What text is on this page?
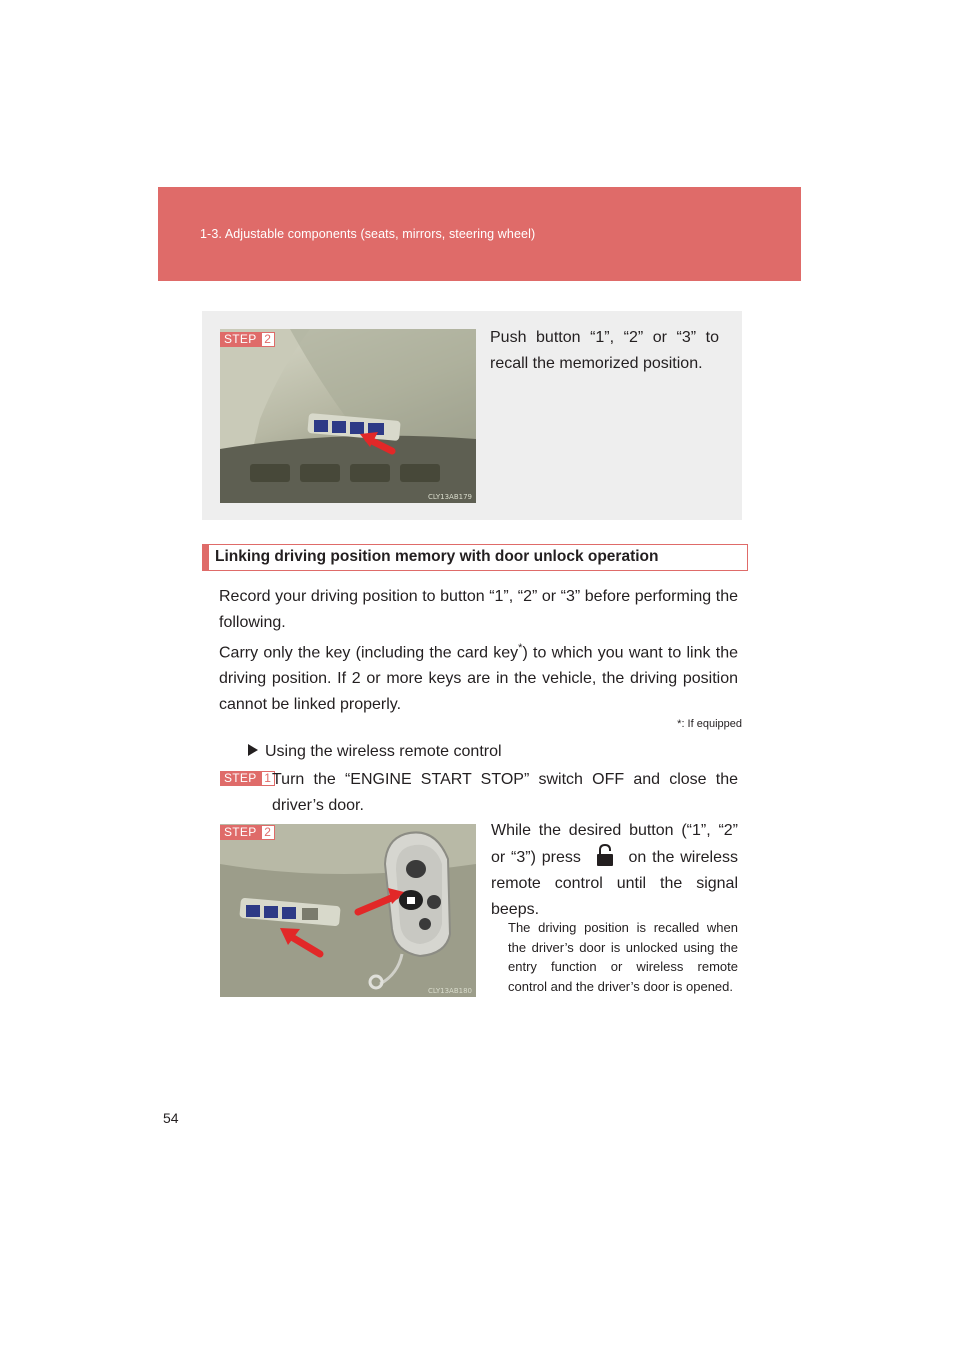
1-3. Adjustable components (seats, mirrors, steering wheel)
CLY13AB179
STEP 2	Push button “1”, “2” or “3” to recall the memorized position.
Linking driving position memory with door unlock operation
Record your driving position to button “1”, “2” or “3” before performing the following.
Carry only the key (including the card key*) to which you want to link the driving position. If 2 or more keys are in the vehicle, the driving position cannot be linked properly.
*: If equipped
Using the wireless remote control
STEP 1 Turn the “ENGINE START STOP” switch OFF and close the driver’s door.
CLY13AB180
STEP 2	While the desired button (“1”, “2” or “3”) press	on the wireless remote control until the signal beeps.
The driving position is recalled when the driver’s door is unlocked using the entry function or wireless remote control and the driver’s door is opened.
54
